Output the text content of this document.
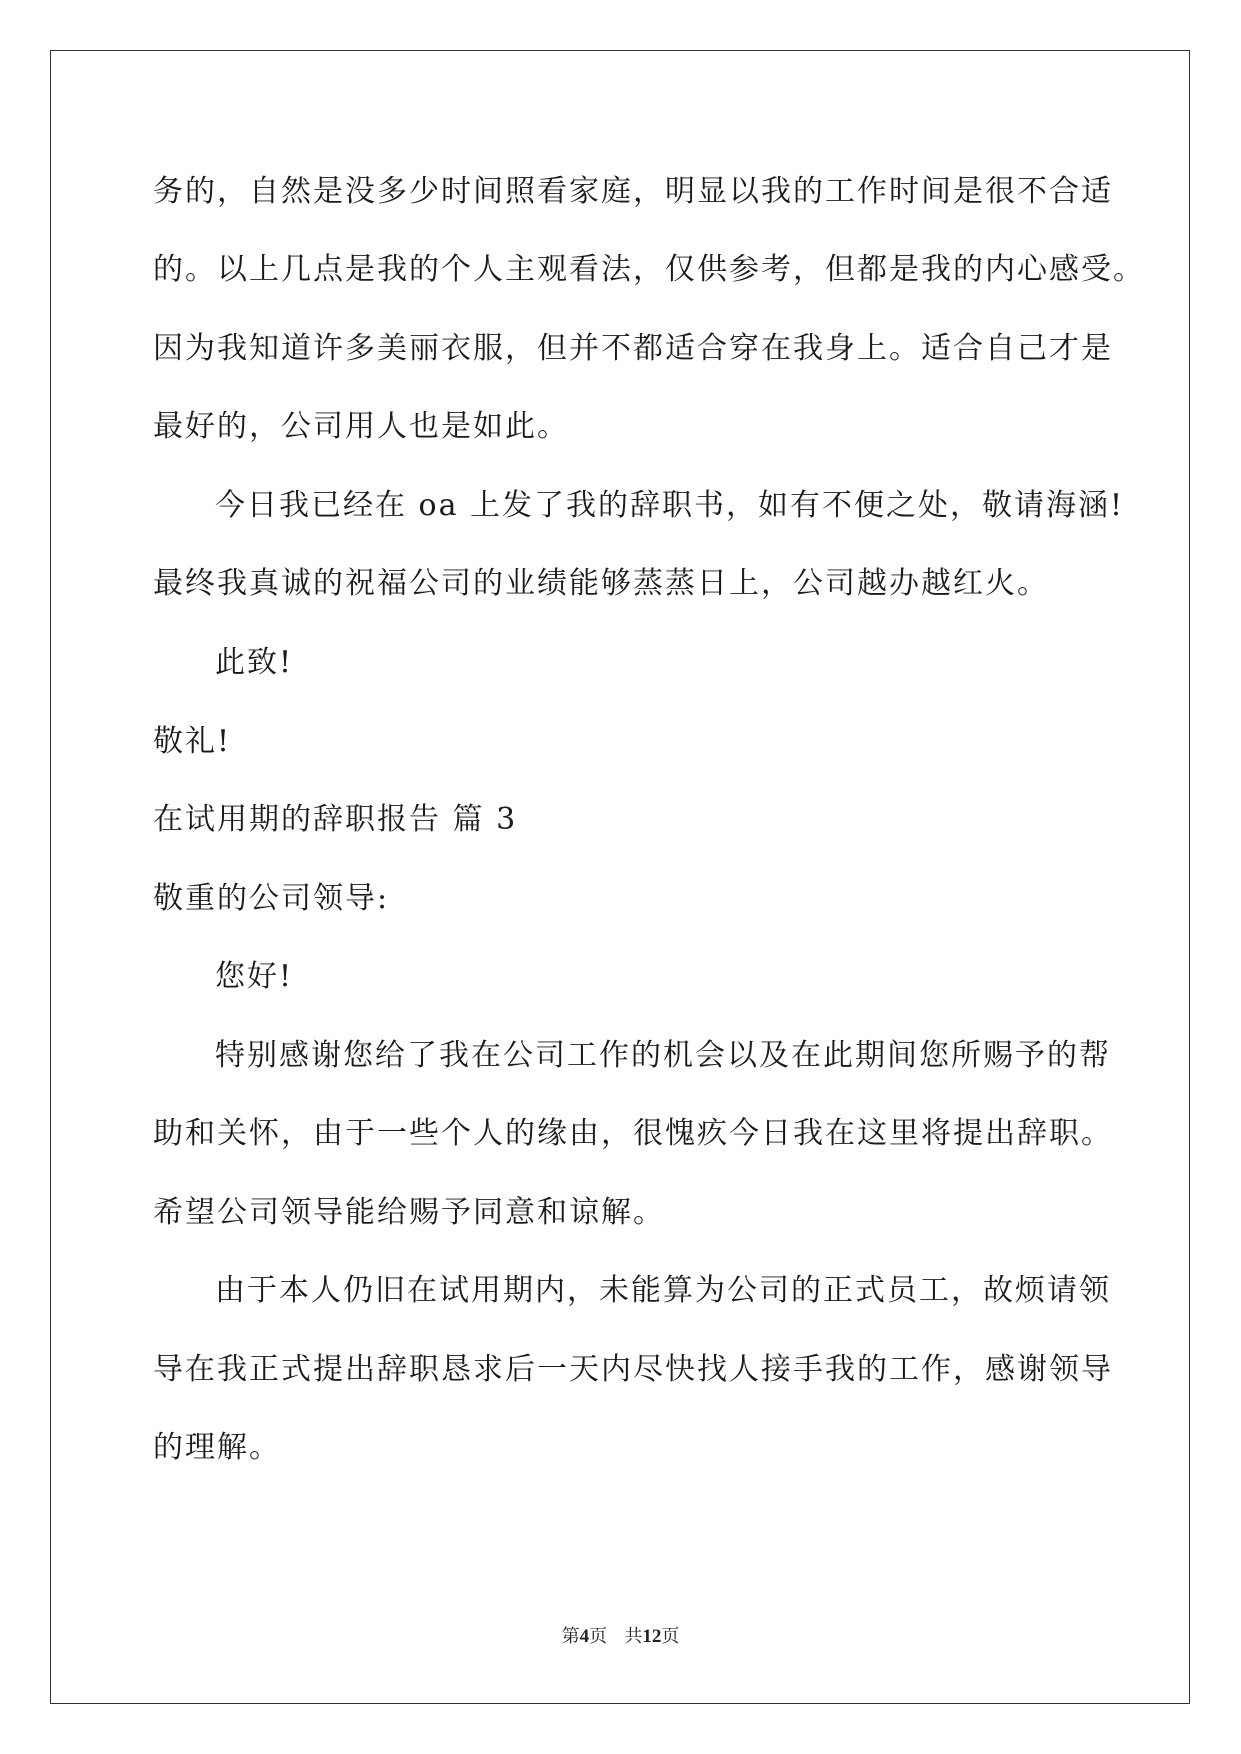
务的，自然是没多少时间照看家庭，明显以我的工作时间是很不合适
的。以上几点是我的个人主观看法，仅供参考，但都是我的内心感受。
因为我知道许多美丽衣服，但并不都适合穿在我身上。适合自己才是
最好的，公司用人也是如此。
今日我已经在 oa 上发了我的辞职书，如有不便之处，敬请海涵!
最终我真诚的祝福公司的业绩能够蒸蒸日上，公司越办越红火。
此致!
敬礼!
在试用期的辞职报告 篇 3
敬重的公司领导:
您好!
特别感谢您给了我在公司工作的机会以及在此期间您所赐予的帮
助和关怀，由于一些个人的缘由，很愧疚今日我在这里将提出辞职。
希望公司领导能给赐予同意和谅解。
由于本人仍旧在试用期内，未能算为公司的正式员工，故烦请领
导在我正式提出辞职恳求后一天内尽快找人接手我的工作，感谢领导
的理解。
第4页 共12页
